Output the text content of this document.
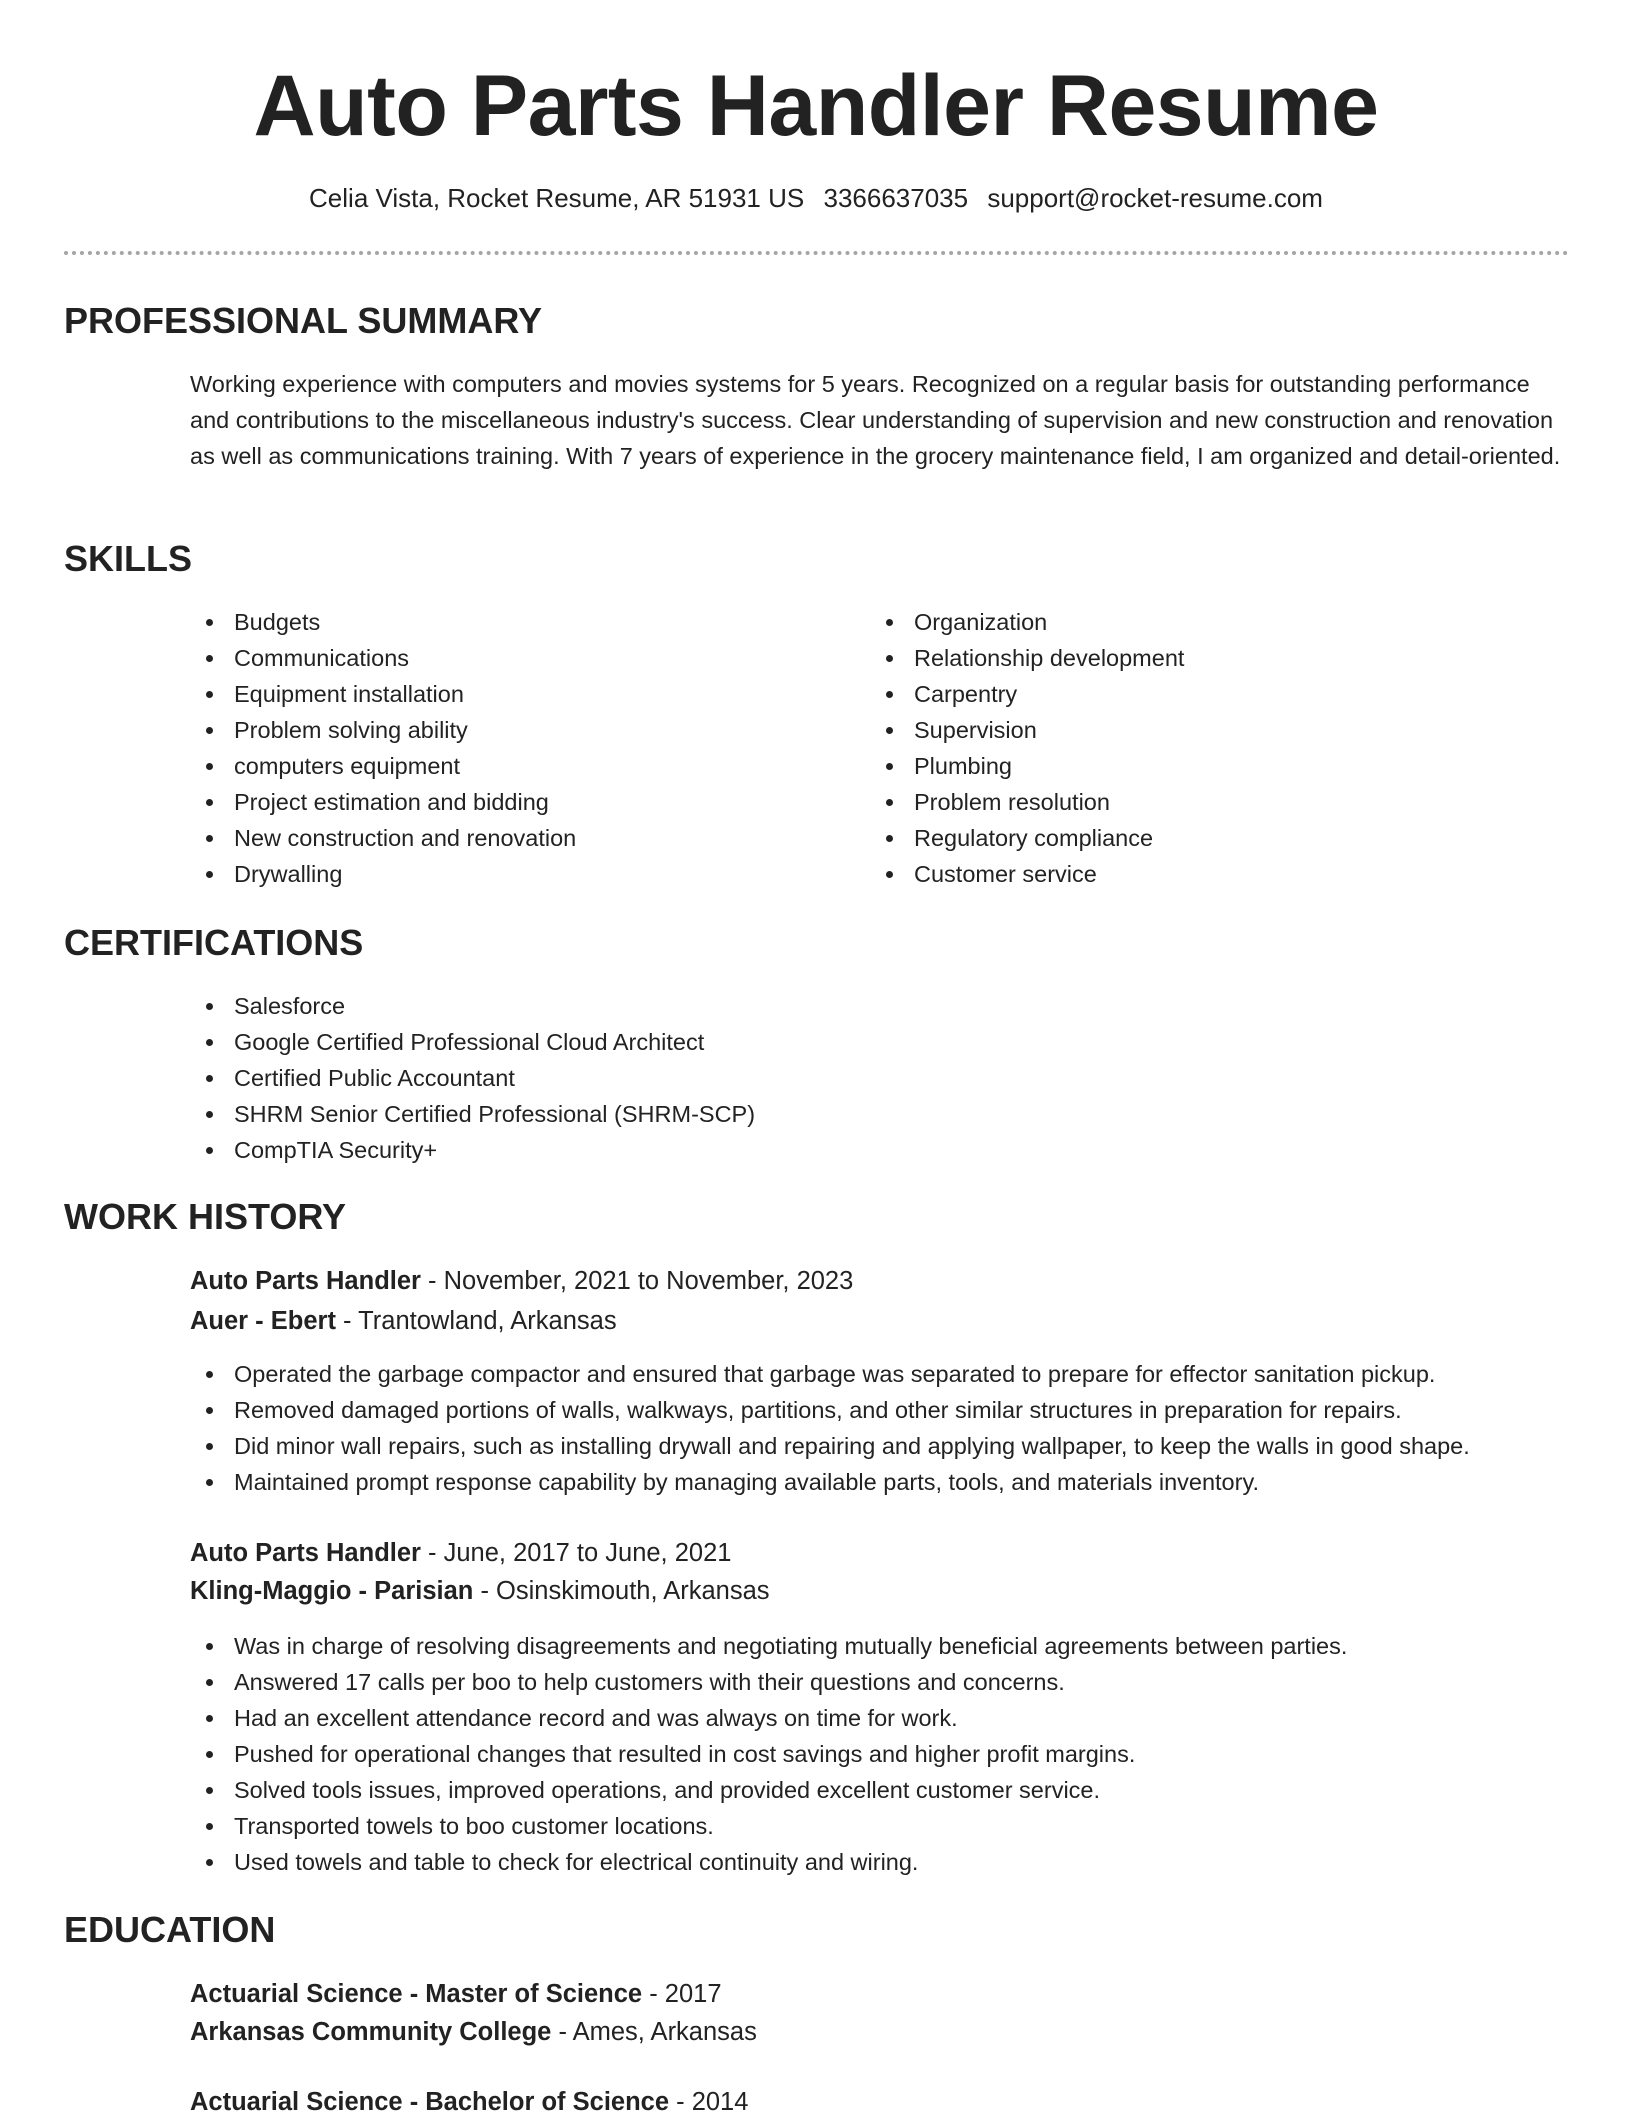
Auto Parts Handler Resume
Celia Vista, Rocket Resume, AR 51931 US 3366637035 support@rocket-resume.com
PROFESSIONAL SUMMARY

Working experience with computers and movies systems for 5 years. Recognized on a regular basis for outstanding performance and contributions to the miscellaneous industry's success. Clear understanding of supervision and new construction and renovation as well as communications training. With 7 years of experience in the grocery maintenance field, I am organized and detail-oriented.

SKILLS
Budgets
Communications
Equipment installation
Problem solving ability
computers equipment
Project estimation and bidding
New construction and renovation
Drywalling
Organization
Relationship development
Carpentry
Supervision
Plumbing
Problem resolution
Regulatory compliance
Customer service
CERTIFICATIONS
Salesforce
Google Certified Professional Cloud Architect
Certified Public Accountant
SHRM Senior Certified Professional (SHRM-SCP)
CompTIA Security+
WORK HISTORY
Auto Parts Handler - November, 2021 to November, 2023
Auer - Ebert - Trantowland, Arkansas
Operated the garbage compactor and ensured that garbage was separated to prepare for effector sanitation pickup.
Removed damaged portions of walls, walkways, partitions, and other similar structures in preparation for repairs.
Did minor wall repairs, such as installing drywall and repairing and applying wallpaper, to keep the walls in good shape.
Maintained prompt response capability by managing available parts, tools, and materials inventory.
Auto Parts Handler - June, 2017 to June, 2021
Kling-Maggio - Parisian - Osinskimouth, Arkansas
Was in charge of resolving disagreements and negotiating mutually beneficial agreements between parties.
Answered 17 calls per boo to help customers with their questions and concerns.
Had an excellent attendance record and was always on time for work.
Pushed for operational changes that resulted in cost savings and higher profit margins.
Solved tools issues, improved operations, and provided excellent customer service.
Transported towels to boo customer locations.
Used towels and table to check for electrical continuity and wiring.
EDUCATION
Actuarial Science - Master of Science - 2017
Arkansas Community College - Ames, Arkansas
Actuarial Science - Bachelor of Science - 2014
